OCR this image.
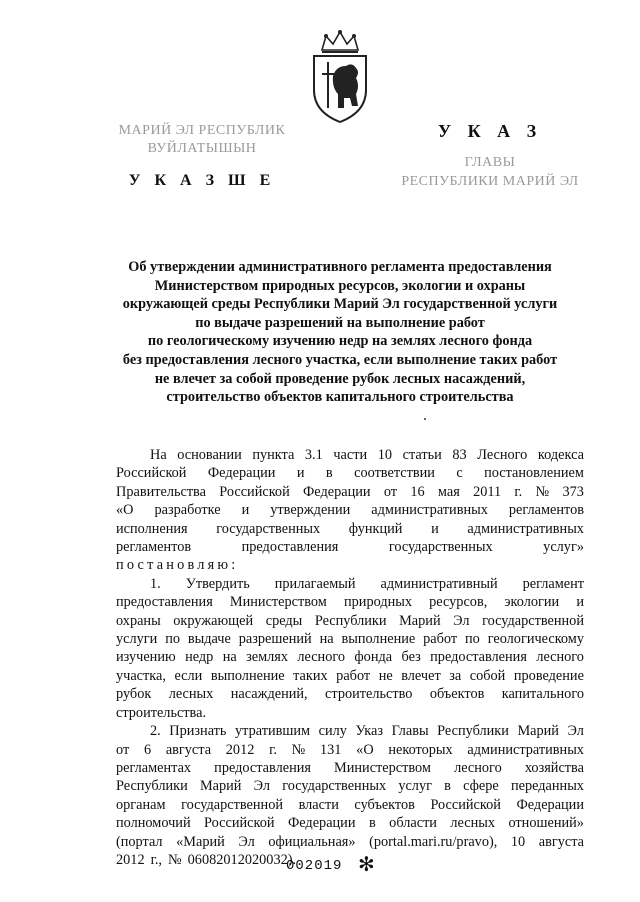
МАРИЙ ЭЛ РЕСПУБЛИК
ВУЙЛАТЫШЫН
У К А З Ш Е
У К А З
ГЛАВЫ
РЕСПУБЛИКИ МАРИЙ ЭЛ
Об утверждении административного регламента предоставления
Министерством природных ресурсов, экологии и охраны
окружающей среды Республики Марий Эл государственной услуги
по выдаче разрешений на выполнение работ
по геологическому изучению недр на землях лесного фонда
без предоставления лесного участка, если выполнение таких работ
не влечет за собой проведение рубок лесных насаждений,
строительство объектов капитального строительства
На основании пункта 3.1 части 10 статьи 83 Лесного кодекса
Российской Федерации и в соответствии с постановлением
Правительства Российской Федерации от 16 мая 2011 г. № 373
«О разработке и утверждении административных регламентов
исполнения государственных функций и административных
регламентов	предоставления	государственных	услуг»
постановляю:
1. Утвердить прилагаемый административный регламент
предоставления Министерством природных ресурсов, экологии и
охраны окружающей среды Республики Марий Эл государственной
услуги по выдаче разрешений на выполнение работ по геологическому
изучению недр на землях лесного фонда без предоставления лесного
участка, если выполнение таких работ не влечет за собой проведение
рубок лесных насаждений, строительство объектов капитального
строительства.
2. Признать утратившим силу Указ Главы Республики Марий Эл
от 6 августа 2012 г. № 131 «О некоторых административных
регламентах предоставления Министерством лесного хозяйства
Республики Марий Эл государственных услуг в сфере переданных
органам государственной власти субъектов Российской Федерации
полномочий Российской Федерации в области лесных отношений»
(портал «Марий Эл официальная» (portal.mari.ru/pravo), 10 августа
2012 г., № 06082012020032).
002019 ✻
